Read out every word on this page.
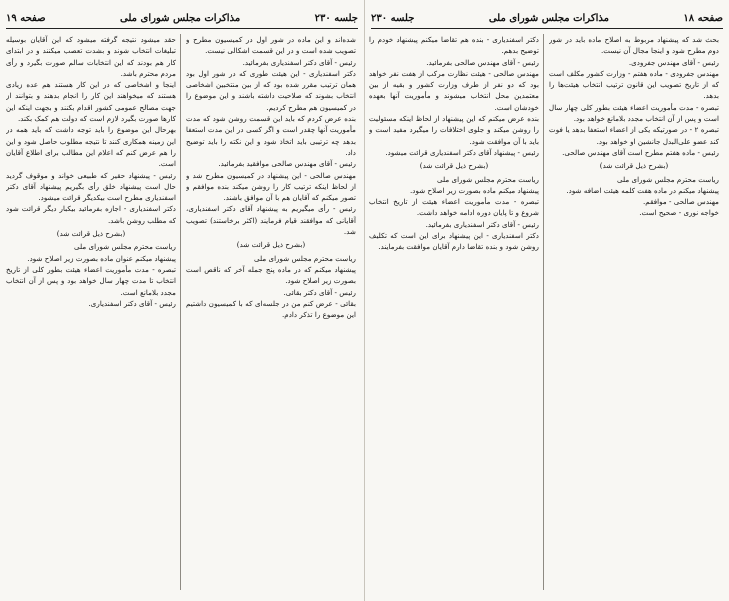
جلسه ۲۳۰
مذاکرات مجلس شورای ملی
صفحه ۱۹

حقد میشود نتیجه گرفته میشود که این آقایان بوسیله تبلیغات انتخاب شوند و بشدت تعصب میکنند و در ابتدای کار هم بودند که این انتخابات سالم صورت بگیرد و رأی مردم محترم باشد.

اینجا و اشخاصی که در این کار هستند هم عده زیادی هستند که میخواهند این کار را انجام بدهند و بتوانند از جهت مصالح عمومی کشور اقدام بکنند و بجهت اینکه این کارها صورت بگیرد لازم است که دولت هم کمک بکند.

بهرحال این موضوع را باید توجه داشت که باید همه در این زمینه همکاری کنند تا نتیجه مطلوب حاصل شود و این را هم عرض کنم که اعلام این مطالب برای اطلاع آقایان است.

رئیس - پیشنهاد حقیر که طبیعی خواند و موقوف گردید حال است پیشنهاد خلق رأی بگیریم پیشنهاد آقای دکتر اسفندیاری مطرح است بیکدیگر قرائت میشود.

دکتر اسفندیاری - اجازه بفرمائید بیکبار دیگر قرائت شود که مطلب روشن باشد.

(بشرح ذیل قرائت شد)

ریاست محترم مجلس شورای ملی

پیشنهاد میکنم عنوان ماده بصورت زیر اصلاح شود.

تبصره - مدت مأموریت اعضاء هیئت بطور کلی از تاریخ انتخاب تا مدت چهار سال خواهد بود و پس از آن انتخاب مجدد بلامانع است.

رئیس - آقای دکتر اسفندیاری.

شده‌اند و این ماده در شور اول در کمیسیون مطرح و تصویب شده است و در این قسمت اشکالی نیست.

رئیس - آقای دکتر اسفندیاری بفرمائید.

دکتر اسفندیاری - این هیئت طوری که در شور اول بود همان ترتیب مقرر شده بود که از بین منتخبین اشخاصی انتخاب بشوند که صلاحیت داشته باشند و این موضوع را در کمیسیون هم مطرح کردیم.

بنده عرض کردم که باید این قسمت روشن شود که مدت مأموریت آنها چقدر است و اگر کسی در این مدت استعفا بدهد چه ترتیبی باید اتخاذ شود و این نکته را باید توضیح داد.

رئیس - آقای مهندس صالحی موافقید بفرمائید.

مهندس صالحی - این پیشنهاد در کمیسیون مطرح شد و از لحاظ اینکه ترتیب کار را روشن میکند بنده موافقم و تصور میکنم که آقایان هم با آن موافق باشند.

رئیس - رأی میگیریم به پیشنهاد آقای دکتر اسفندیاری، آقایانی که موافقند قیام فرمایند (اکثر برخاستند) تصویب شد.

(بشرح ذیل قرائت شد)

ریاست محترم مجلس شورای ملی

پیشنهاد میکنم که در ماده پنج جمله آخر که ناقص است بصورت زیر اصلاح شود.

رئیس - آقای دکتر بقائی.

بقائی - عرض کنم من در جلسه‌ای که با کمیسیون داشتیم این موضوع را تذکر دادم.

صفحه ۱۸
مذاکرات مجلس شورای ملی
جلسه ۲۳۰

دکتر اسفندیاری - بنده هم تقاضا میکنم پیشنهاد خودم را توضیح بدهم.

رئیس - آقای مهندس صالحی بفرمائید.

مهندس صالحی - هیئت نظارت مرکب از هفت نفر خواهد بود که دو نفر از طرف وزارت کشور و بقیه از بین معتمدین محل انتخاب میشوند و مأموریت آنها بعهده خودشان است.

بنده عرض میکنم که این پیشنهاد از لحاظ اینکه مسئولیت را روشن میکند و جلوی اختلافات را میگیرد مفید است و باید با آن موافقت شود.

رئیس - پیشنهاد آقای دکتر اسفندیاری قرائت میشود.

(بشرح ذیل قرائت شد)

ریاست محترم مجلس شورای ملی

پیشنهاد میکنم ماده بصورت زیر اصلاح شود.

تبصره - مدت مأموریت اعضاء هیئت از تاریخ انتخاب شروع و تا پایان دوره ادامه خواهد داشت.

رئیس - آقای دکتر اسفندیاری بفرمائید.

دکتر اسفندیاری - این پیشنهاد برای این است که تکلیف روشن شود و بنده تقاضا دارم آقایان موافقت بفرمایند.

بحث شد که پیشنهاد مربوط به اصلاح ماده باید در شور دوم مطرح شود و اینجا مجال آن نیست.

رئیس - آقای مهندس جفرودی.

مهندس جفرودی - ماده هفتم - وزارت کشور مکلف است که از تاریخ تصویب این قانون ترتیب انتخاب هیئت‌ها را بدهد.

تبصره - مدت مأموریت اعضاء هیئت بطور کلی چهار سال است و پس از آن انتخاب مجدد بلامانع خواهد بود.

تبصره ۲ - در صورتیکه یکی از اعضاء استعفا بدهد یا فوت کند عضو علی‌البدل جانشین او خواهد بود.

رئیس - ماده هفتم مطرح است آقای مهندس صالحی.

(بشرح ذیل قرائت شد)

ریاست محترم مجلس شورای ملی

پیشنهاد میکنم در ماده هفت کلمه هیئت اضافه شود.

مهندس صالحی - موافقم.

خواجه نوری - صحیح است.
